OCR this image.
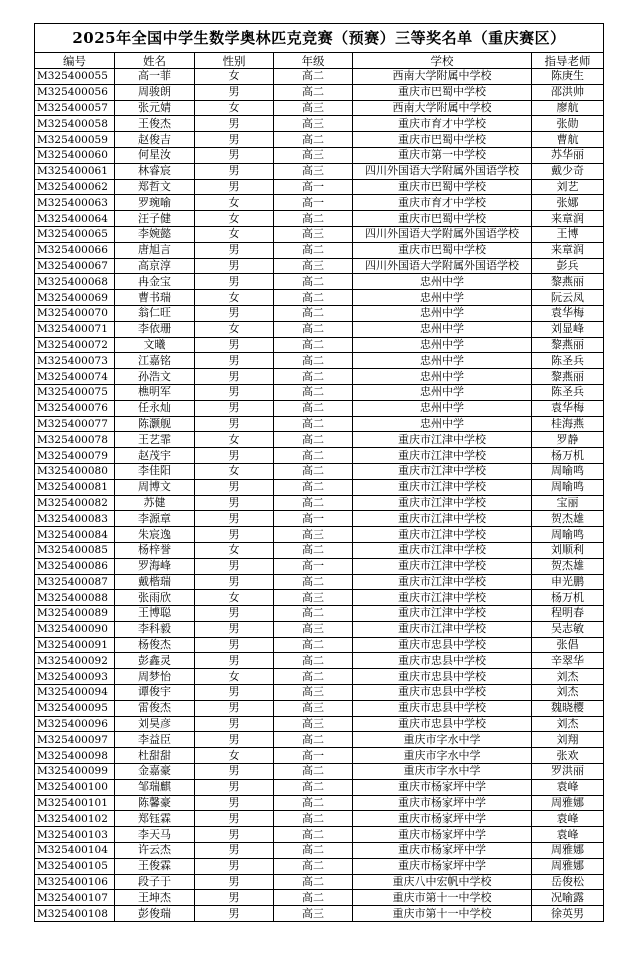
2025年全国中学生数学奥林匹克竞赛（预赛）三等奖名单（重庆赛区）					
编号	姓名	性别	年级	学校	指导老师
M325400055	高一菲	女	高二	西南大学附属中学校	陈庚生
M325400056	周骏朗	男	高二	重庆市巴蜀中学校	邵洪帅
M325400057	张元婧	女	高三	西南大学附属中学校	廖航
M325400058	王俊杰	男	高三	重庆市育才中学校	张勋
M325400059	赵俊吉	男	高二	重庆市巴蜀中学校	曹航
M325400060	何星汝	男	高三	重庆市第一中学校	苏华丽
M325400061	林睿宸	男	高三	四川外国语大学附属外国语学校	戴少奇
M325400062	郑哲文	男	高一	重庆市巴蜀中学校	刘艺
M325400063	罗琬喻	女	高一	重庆市育才中学校	张娜
M325400064	汪子健	女	高二	重庆市巴蜀中学校	来章润
M325400065	李婉懿	女	高三	四川外国语大学附属外国语学校	王博
M325400066	唐旭言	男	高二	重庆市巴蜀中学校	来章润
M325400067	高京淳	男	高三	四川外国语大学附属外国语学校	彭兵
M325400068	冉金宝	男	高二	忠州中学	黎燕丽
M325400069	曹书瑞	女	高二	忠州中学	阮云凤
M325400070	翁仁旺	男	高二	忠州中学	袁华梅
M325400071	李依珊	女	高二	忠州中学	刘显峰
M325400072	文曦	男	高二	忠州中学	黎燕丽
M325400073	江嘉铭	男	高二	忠州中学	陈圣兵
M325400074	孙浩文	男	高二	忠州中学	黎燕丽
M325400075	樵明军	男	高二	忠州中学	陈圣兵
M325400076	任永灿	男	高二	忠州中学	袁华梅
M325400077	陈灏舰	男	高二	忠州中学	桂海燕
M325400078	王艺霏	女	高二	重庆市江津中学校	罗静
M325400079	赵茂宇	男	高二	重庆市江津中学校	杨万机
M325400080	李佳阳	女	高二	重庆市江津中学校	周喻鸣
M325400081	周博文	男	高二	重庆市江津中学校	周喻鸣
M325400082	苏健	男	高二	重庆市江津中学校	宝丽
M325400083	李源章	男	高一	重庆市江津中学校	贺杰雄
M325400084	朱宸逸	男	高三	重庆市江津中学校	周喻鸣
M325400085	杨梓誉	女	高二	重庆市江津中学校	刘顺利
M325400086	罗海峰	男	高一	重庆市江津中学校	贺杰雄
M325400087	戴楷瑞	男	高二	重庆市江津中学校	申光鹏
M325400088	张雨欣	女	高三	重庆市江津中学校	杨万机
M325400089	王博聪	男	高二	重庆市江津中学校	程明春
M325400090	李科毅	男	高三	重庆市江津中学校	吴志敏
M325400091	杨俊杰	男	高二	重庆市忠县中学校	张倡
M325400092	彭鑫灵	男	高二	重庆市忠县中学校	辛翠华
M325400093	周梦怡	女	高二	重庆市忠县中学校	刘杰
M325400094	谭俊宇	男	高三	重庆市忠县中学校	刘杰
M325400095	雷俊杰	男	高三	重庆市忠县中学校	魏晓樱
M325400096	刘昊彦	男	高三	重庆市忠县中学校	刘杰
M325400097	李益臣	男	高二	重庆市字水中学	刘翔
M325400098	杜甜甜	女	高一	重庆市字水中学	张欢
M325400099	金嘉豪	男	高二	重庆市字水中学	罗洪丽
M325400100	邹瑞麒	男	高二	重庆市杨家坪中学	袁峰
M325400101	陈馨豪	男	高二	重庆市杨家坪中学	周雅娜
M325400102	郑钰霖	男	高二	重庆市杨家坪中学	袁峰
M325400103	李天马	男	高二	重庆市杨家坪中学	袁峰
M325400104	许云杰	男	高二	重庆市杨家坪中学	周雅娜
M325400105	王俊霖	男	高二	重庆市杨家坪中学	周雅娜
M325400106	段子于	男	高二	重庆八中宏帆中学校	岳俊松
M325400107	王坤杰	男	高二	重庆市第十一中学校	况喻露
M325400108	彭俊瑞	男	高三	重庆市第十一中学校	徐英男
